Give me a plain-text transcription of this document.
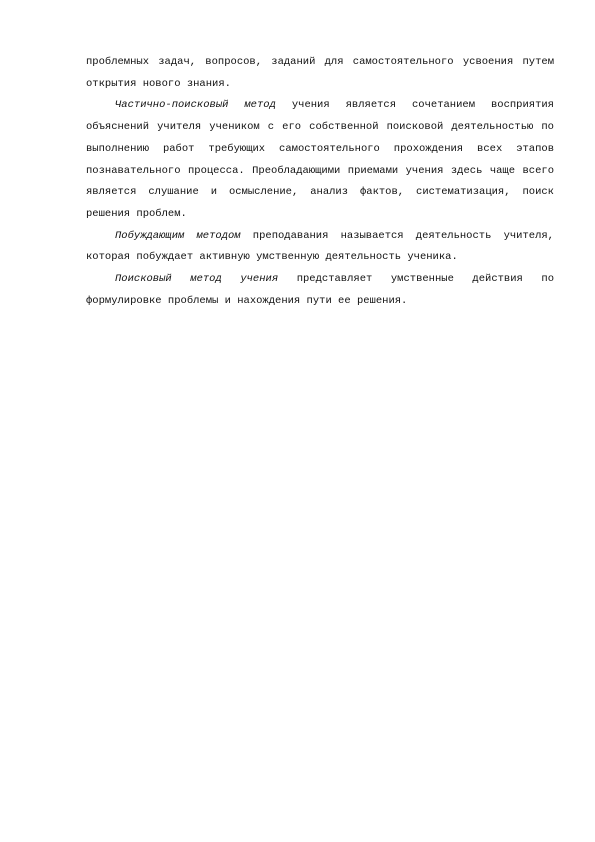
проблемных задач, вопросов, заданий для самостоятельного усвоения путем открытия нового знания.

Частично-поисковый метод учения является сочетанием восприятия объяснений учителя учеником с его собственной поисковой деятельностью по выполнению работ требующих самостоятельного прохождения всех этапов познавательного процесса. Преобладающими приемами учения здесь чаще всего является слушание и осмысление, анализ фактов, систематизация, поиск решения проблем.

Побуждающим методом преподавания называется деятельность учителя, которая побуждает активную умственную деятельность ученика.

Поисковый метод учения представляет умственные действия по формулировке проблемы и нахождения пути ее решения.
